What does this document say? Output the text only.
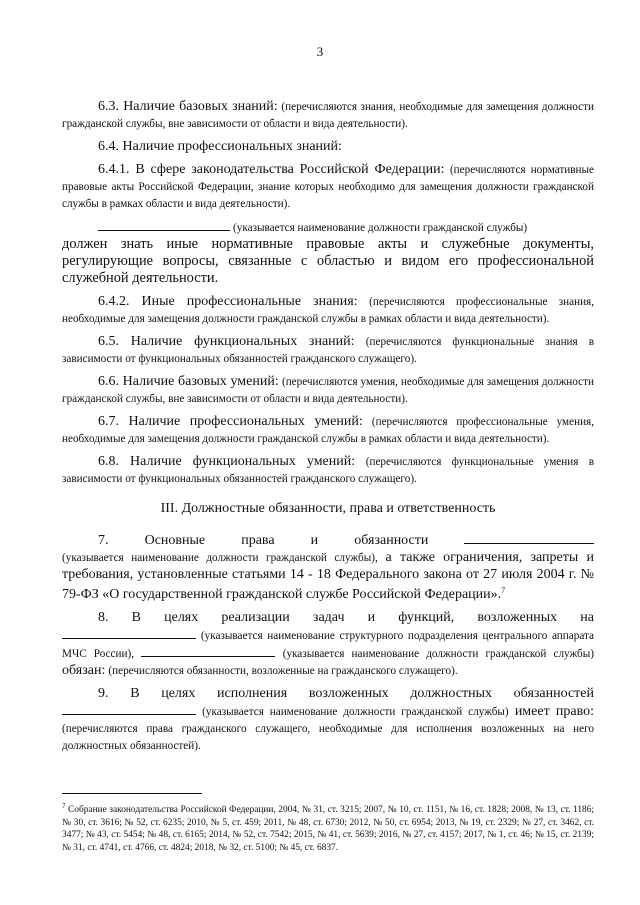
3

6.3. Наличие базовых знаний: (перечисляются знания, необходимые для замещения должности гражданской службы, вне зависимости от области и вида деятельности).

6.4. Наличие профессиональных знаний:

6.4.1. В сфере законодательства Российской Федерации: (перечисляются нормативные правовые акты Российской Федерации, знание которых необходимо для замещения должности гражданской службы в рамках области и вида деятельности).

(указывается наименование должности гражданской службы)

должен знать иные нормативные правовые акты и служебные документы, регулирующие вопросы, связанные с областью и видом его профессиональной служебной деятельности.

6.4.2. Иные профессиональные знания: (перечисляются профессиональные знания, необходимые для замещения должности гражданской службы в рамках области и вида деятельности).

6.5. Наличие функциональных знаний: (перечисляются функциональные знания в зависимости от функциональных обязанностей гражданского служащего).

6.6. Наличие базовых умений: (перечисляются умения, необходимые для замещения должности гражданской службы, вне зависимости от области и вида деятельности).

6.7. Наличие профессиональных умений: (перечисляются профессиональные умения, необходимые для замещения должности гражданской службы в рамках области и вида деятельности).

6.8. Наличие функциональных умений: (перечисляются функциональные умения в зависимости от функциональных обязанностей гражданского служащего).

III. Должностные обязанности, права и ответственность

7. Основные права и обязанности

(указывается наименование должности гражданской службы), а также ограничения, запреты и требования, установленные статьями 14 - 18 Федерального закона от 27 июля 2004 г. № 79-ФЗ «О государственной гражданской службе Российской Федерации».$^7$

8. В целях реализации задач и функций, возложенных на

(указывается наименование структурного подразделения центрального аппарата МЧС России),	(указывается наименование должности гражданской службы) обязан: (перечисляются обязанности, возложенные на гражданского служащего).

9. В целях исполнения возложенных должностных обязанностей

(указывается наименование должности гражданской службы) имеет право: (перечисляются права гражданского служащего, необходимые для исполнения возложенных на него должностных обязанностей).

$^7$ Собрание законодательства Российской Федерации, 2004, № 31, ст. 3215; 2007, № 10, ст. 1151, № 16, ст. 1828; 2008, № 13, ст. 1186; № 30, ст. 3616; № 52, ст. 6235; 2010, № 5, ст. 459; 2011, № 48, ст. 6730; 2012, № 50, ст. 6954; 2013, № 19, ст. 2329; № 27, ст. 3462, ст. 3477; № 43, ст. 5454; № 48, ст. 6165; 2014, № 52, ст. 7542; 2015, № 41, ст. 5639; 2016, № 27, ст. 4157; 2017, № 1, ст. 46; № 15, ст. 2139; № 31, ст. 4741, ст. 4766, ст. 4824; 2018, № 32, ст. 5100; № 45, ст. 6837.
